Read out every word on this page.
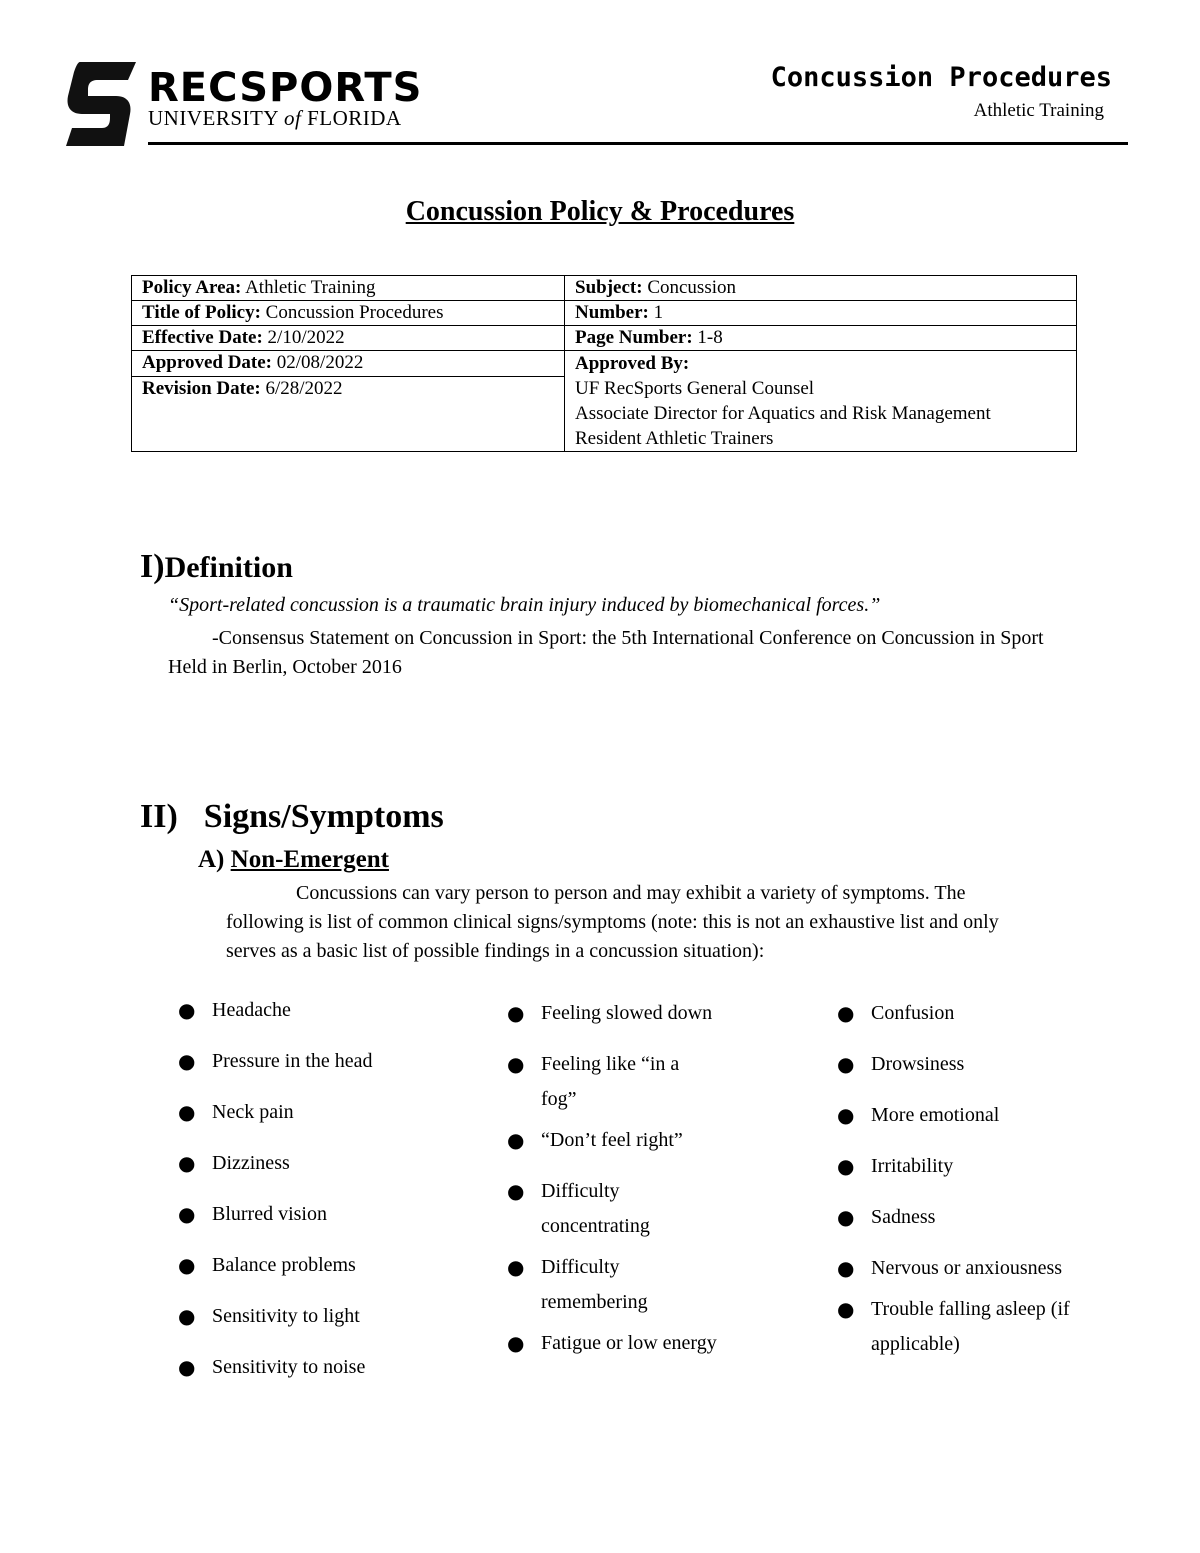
RECSPORTS
UNIVERSITY of FLORIDA
Concussion Procedures
Athletic Training
Concussion Policy & Procedures
Policy Area: Athletic Training	Subject: Concussion
Title of Policy: Concussion Procedures	Number: 1
Effective Date: 2/10/2022	Page Number: 1-8
Approved Date: 02/08/2022	Approved By:
UF RecSports General Counsel
Associate Director for Aquatics and Risk Management
Resident Athletic Trainers

Revision Date: 6/28/2022	
I)Definition
“Sport-related concussion is a traumatic brain injury induced by biomechanical forces.”
-Consensus Statement on Concussion in Sport: the 5th International Conference on Concussion in Sport Held in Berlin, October 2016
II) Signs/Symptoms
A) Non-Emergent
Concussions can vary person to person and may exhibit a variety of symptoms. The following is list of common clinical signs/symptoms (note: this is not an exhaustive list and only serves as a basic list of possible findings in a concussion situation):
● Headache
● Pressure in the head
● Neck pain
● Dizziness
● Blurred vision
● Balance problems
● Sensitivity to light
● Sensitivity to noise
● Feeling slowed down
● Feeling like “in a fog”
● “Don’t feel right”
● Difficulty concentrating
● Difficulty remembering
● Fatigue or low energy
● Confusion
● Drowsiness
● More emotional
● Irritability
● Sadness
● Nervous or anxiousness
● Trouble falling asleep (if applicable)
